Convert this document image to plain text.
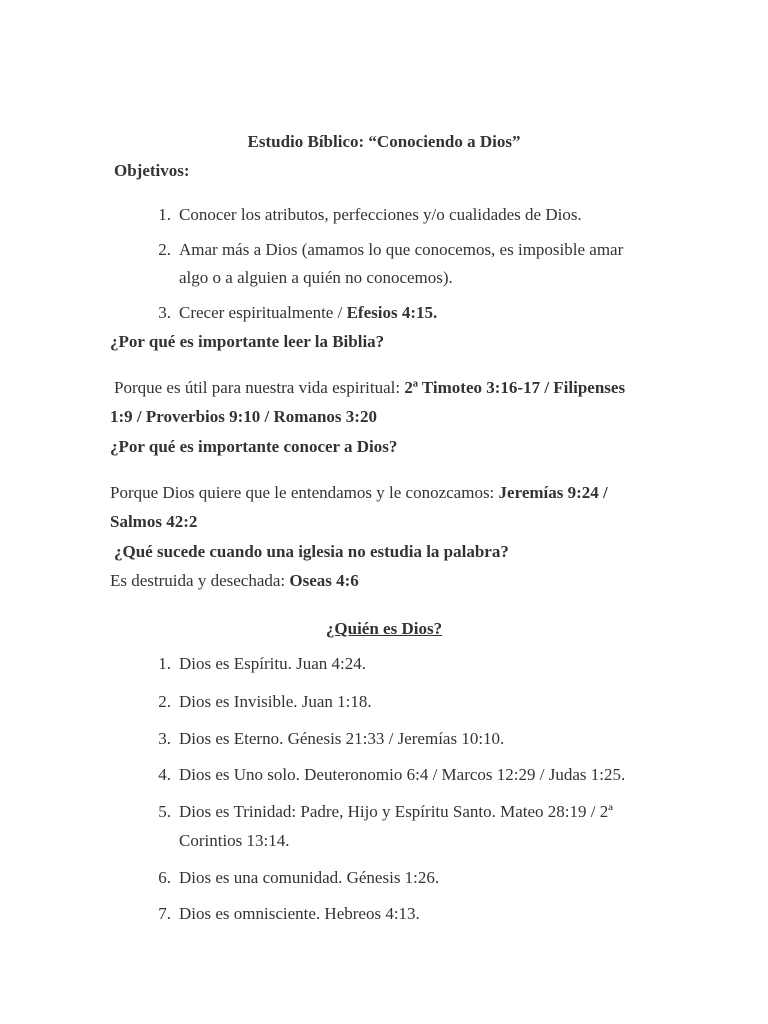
Estudio Bíblico: “Conociendo a Dios”
Objetivos:
1. Conocer los atributos, perfecciones y/o cualidades de Dios.
2. Amar más a Dios (amamos lo que conocemos, es imposible amar
algo o a alguien a quién no conocemos).
3. Crecer espiritualmente / Efesios 4:15.
¿Por qué es importante leer la Biblia?
Porque es útil para nuestra vida espiritual: 2ª Timoteo 3:16-17 / Filipenses
1:9 / Proverbios 9:10 / Romanos 3:20
¿Por qué es importante conocer a Dios?
Porque Dios quiere que le entendamos y le conozcamos: Jeremías 9:24 /
Salmos 42:2
¿Qué sucede cuando una iglesia no estudia la palabra?
Es destruida y desechada: Oseas 4:6
¿Quién es Dios?
1. Dios es Espíritu. Juan 4:24.
2. Dios es Invisible. Juan 1:18.
3. Dios es Eterno. Génesis 21:33 / Jeremías 10:10.
4. Dios es Uno solo. Deuteronomio 6:4 / Marcos 12:29 / Judas 1:25.
5. Dios es Trinidad: Padre, Hijo y Espíritu Santo. Mateo 28:19 / 2ª
Corintios 13:14.
6. Dios es una comunidad. Génesis 1:26.
7. Dios es omnisciente. Hebreos 4:13.
